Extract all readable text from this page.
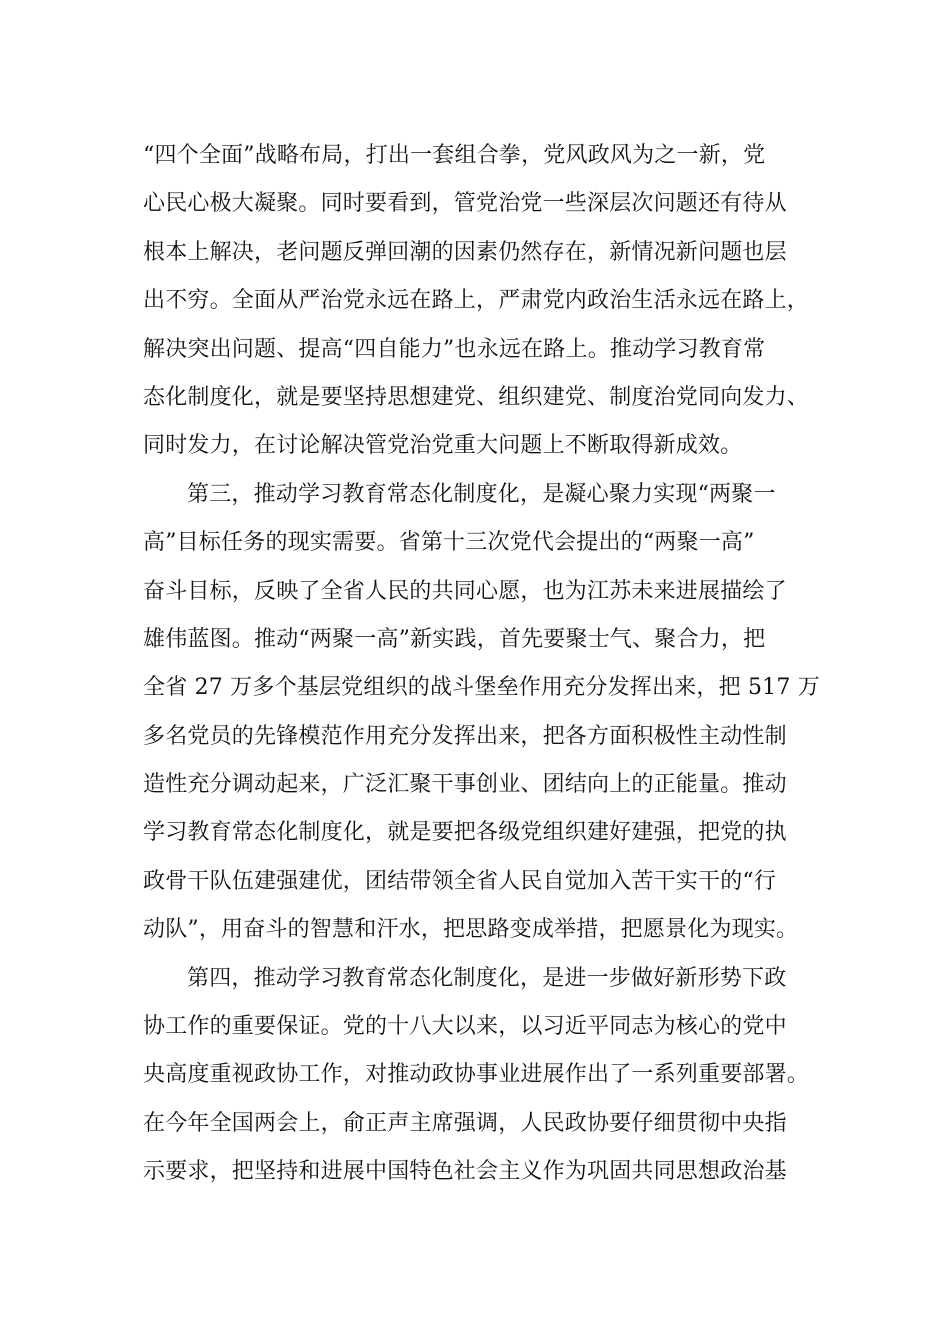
“四个全面”战略布局，打出一套组合拳，党风政风为之一新，党
心民心极大凝聚。同时要看到，管党治党一些深层次问题还有待从
根本上解决，老问题反弹回潮的因素仍然存在，新情况新问题也层
出不穷。全面从严治党永远在路上，严肃党内政治生活永远在路上，
解决突出问题、提高“四自能力”也永远在路上。推动学习教育常
态化制度化，就是要坚持思想建党、组织建党、制度治党同向发力、
同时发力，在讨论解决管党治党重大问题上不断取得新成效。
第三，推动学习教育常态化制度化，是凝心聚力实现“两聚一
高”目标任务的现实需要。省第十三次党代会提出的“两聚一高”
奋斗目标，反映了全省人民的共同心愿，也为江苏未来进展描绘了
雄伟蓝图。推动“两聚一高”新实践，首先要聚士气、聚合力，把
全省 27 万多个基层党组织的战斗堡垒作用充分发挥出来，把 517 万
多名党员的先锋模范作用充分发挥出来，把各方面积极性主动性制
造性充分调动起来，广泛汇聚干事创业、团结向上的正能量。推动
学习教育常态化制度化，就是要把各级党组织建好建强，把党的执
政骨干队伍建强建优，团结带领全省人民自觉加入苦干实干的“行
动队”，用奋斗的智慧和汗水，把思路变成举措，把愿景化为现实。
第四，推动学习教育常态化制度化，是进一步做好新形势下政
协工作的重要保证。党的十八大以来，以习近平同志为核心的党中
央高度重视政协工作，对推动政协事业进展作出了一系列重要部署。
在今年全国两会上，俞正声主席强调，人民政协要仔细贯彻中央指
示要求，把坚持和进展中国特色社会主义作为巩固共同思想政治基
